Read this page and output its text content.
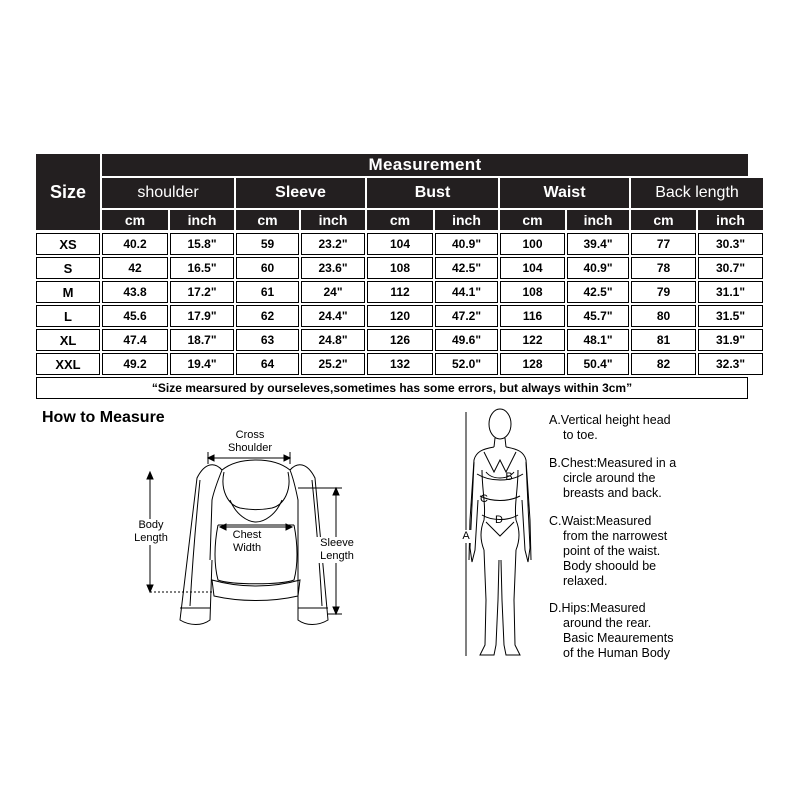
Size
Measurement
shoulder	Sleeve	Bust	Waist	Back length
cm	inch	cm	inch	cm	inch	cm	inch	cm	inch
XS	40.2	15.8"	59	23.2"	104	40.9"	100	39.4"	77	30.3"
S	42	16.5"	60	23.6"	108	42.5"	104	40.9"	78	30.7"
M	43.8	17.2"	61	24"	112	44.1"	108	42.5"	79	31.1"
L	45.6	17.9"	62	24.4"	120	47.2"	116	45.7"	80	31.5"
XL	47.4	18.7"	63	24.8"	126	49.6"	122	48.1"	81	31.9"
XXL	49.2	19.4"	64	25.2"	132	52.0"	128	50.4"	82	32.3"
“Size mearsured by ourseleves,sometimes has some errors, but always within 3cm”
How to Measure
Cross
Shoulder
Body
Length	Chest
Width	Sleeve
Length
A
B
C
D
A.Vertical height head
to toe.
B.Chest:Measured in a
circle around the
breasts and back.
C.Waist:Measured
from the narrowest
point of the waist.
Body shoould be
relaxed.
D.Hips:Measured
around the rear.
Basic Meaurements
of the Human Body
